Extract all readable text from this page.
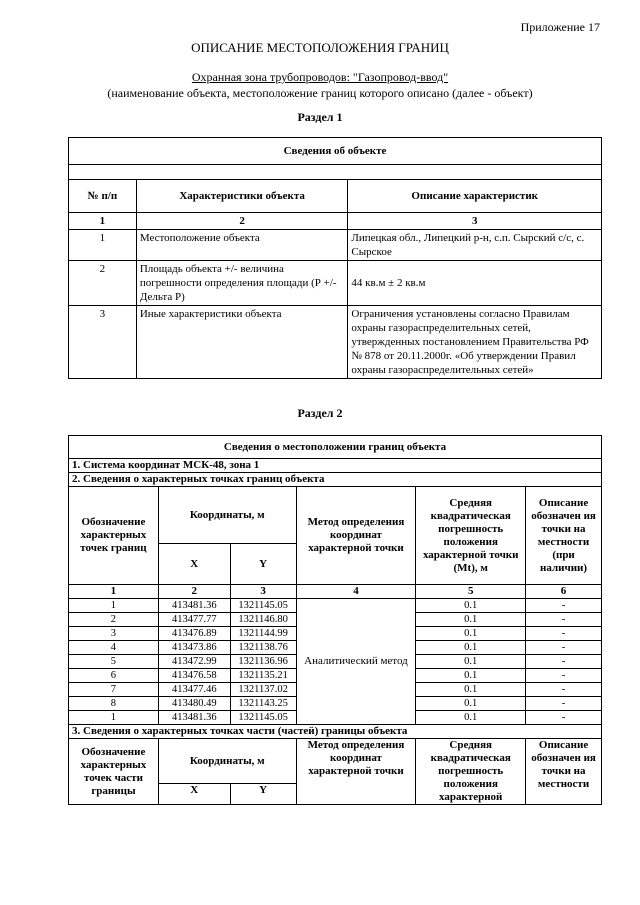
Приложение 17
ОПИСАНИЕ МЕСТОПОЛОЖЕНИЯ ГРАНИЦ
Охранная зона трубопроводов: "Газопровод-ввод"
(наименование объекта, местоположение границ которого описано (далее - объект)
Раздел 1
Сведения об объекте		

№ п/п	Характеристики объекта	Описание характеристик
1	2	3
1	Местоположение объекта	Липецкая обл., Липецкий р-н, с.п. Сырский с/с, с. Сырское
2	Площадь объекта +/- величина погрешности определения площади (Р +/- Дельта Р)	44 кв.м ± 2 кв.м
3	Иные характеристики объекта	Ограничения установлены согласно Правилам охраны газораспределительных сетей, утвержденных постановлением Правительства РФ № 878 от 20.11.2000г. «Об утверждении Правил охраны газораспределительных сетей»
Раздел 2
Сведения о местоположении границ объекта					
1. Система координат МСК-48, зона 1					
2. Сведения о характерных точках границ объекта					
Обозначение характерных точек границ	Координаты, м		Метод определения координат характерной точки	Средняя квадратическая погрешность положения характерной точки (Mt), м	Описание обозначен ия точки на местности (при наличии)
	X	Y			
1	2	3	4	5	6
1	413481.36	1321145.05	Аналитический метод	0.1	-
2	413477.77	1321146.80		0.1	-
3	413476.89	1321144.99		0.1	-
4	413473.86	1321138.76		0.1	-
5	413472.99	1321136.96		0.1	-
6	413476.58	1321135.21		0.1	-
7	413477.46	1321137.02		0.1	-
8	413480.49	1321143.25		0.1	-
1	413481.36	1321145.05		0.1	-
3. Сведения о характерных точках части (частей) границы объекта					
Обозначение характерных точек части границы	Координаты, м		Метод определения координат характерной точки	Средняя квадратическая погрешность положения характерной	Описание обозначен ия точки на местности
	X	Y			
